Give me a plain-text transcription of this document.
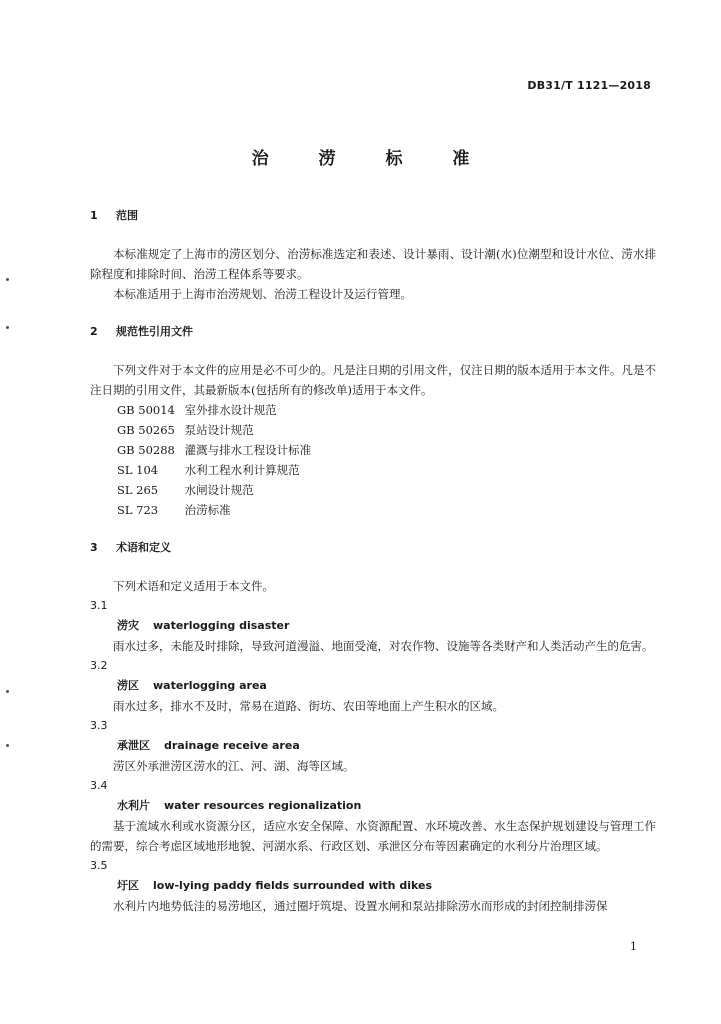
DB31/T 1121—2018
治 涝 标 准
1 范围

本标准规定了上海市的涝区划分、治涝标准选定和表述、设计暴雨、设计潮(水)位潮型和设计水位、涝水排除程度和排除时间、治涝工程体系等要求。

本标准适用于上海市治涝规划、治涝工程设计及运行管理。

2 规范性引用文件

下列文件对于本文件的应用是必不可少的。凡是注日期的引用文件，仅注日期的版本适用于本文件。凡是不注日期的引用文件，其最新版本(包括所有的修改单)适用于本文件。

GB 50014 室外排水设计规范

GB 50265 泵站设计规范

GB 50288 灌溉与排水工程设计标准

SL 104 水利工程水利计算规范

SL 265 水闸设计规范

SL 723 治涝标准

3 术语和定义

下列术语和定义适用于本文件。

3.1

涝灾 waterlogging disaster

雨水过多，未能及时排除，导致河道漫溢、地面受淹，对农作物、设施等各类财产和人类活动产生的危害。

3.2

涝区 waterlogging area

雨水过多，排水不及时，常易在道路、街坊、农田等地面上产生积水的区域。

3.3

承泄区 drainage receive area

涝区外承泄涝区涝水的江、河、湖、海等区域。

3.4

水利片 water resources regionalization

基于流域水利或水资源分区，适应水安全保障、水资源配置、水环境改善、水生态保护规划建设与管理工作的需要，综合考虑区域地形地貌、河湖水系、行政区划、承泄区分布等因素确定的水利分片治理区域。

3.5

圩区 low-lying paddy fields surrounded with dikes

水利片内地势低洼的易涝地区，通过圈圩筑堤、设置水闸和泵站排除涝水而形成的封闭控制排涝保

1
